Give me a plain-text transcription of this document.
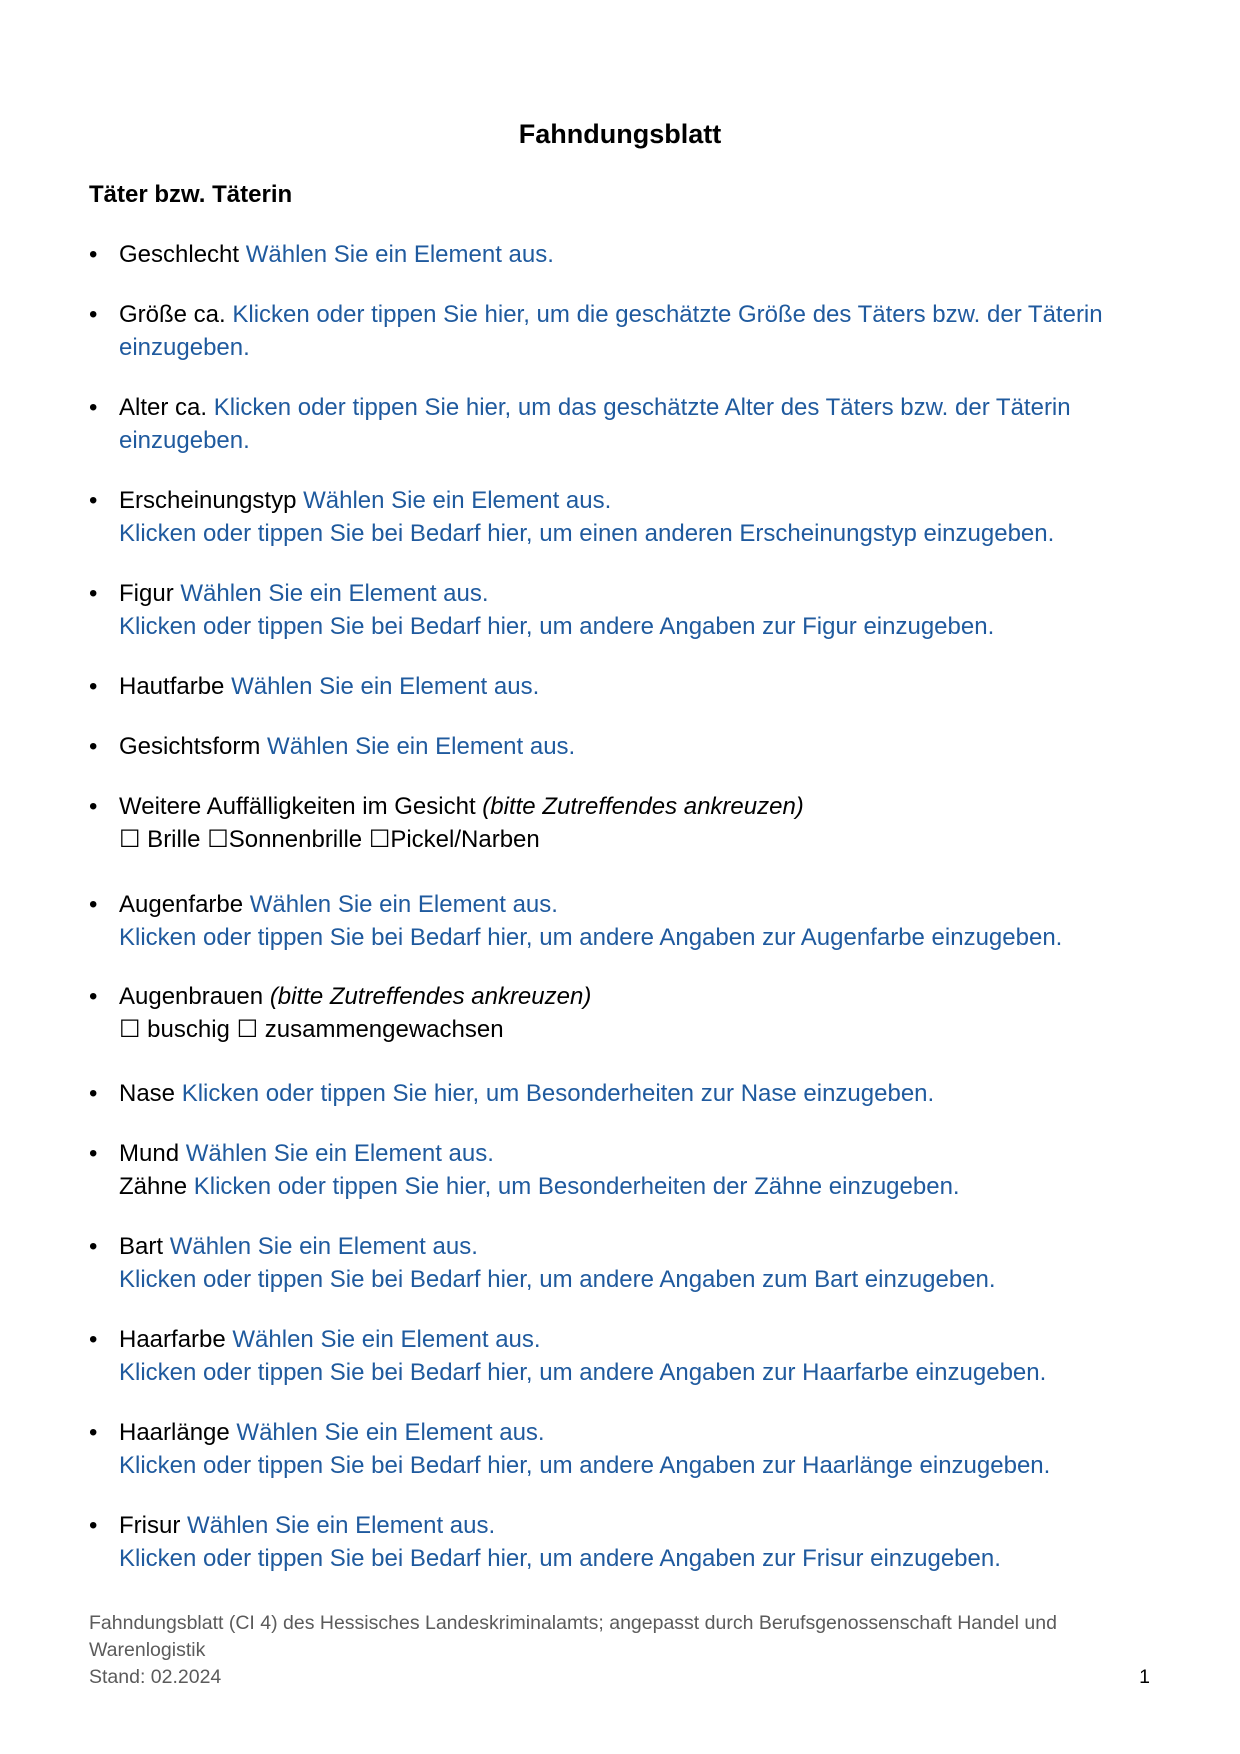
Fahndungsblatt
Täter bzw. Täterin
• Geschlecht Wählen Sie ein Element aus.
• Größe ca. Klicken oder tippen Sie hier, um die geschätzte Größe des Täters bzw. der Täterin einzugeben.
• Alter ca. Klicken oder tippen Sie hier, um das geschätzte Alter des Täters bzw. der Täterin einzugeben.
• Erscheinungstyp Wählen Sie ein Element aus.
Klicken oder tippen Sie bei Bedarf hier, um einen anderen Erscheinungstyp einzugeben.
• Figur Wählen Sie ein Element aus.
Klicken oder tippen Sie bei Bedarf hier, um andere Angaben zur Figur einzugeben.
• Hautfarbe Wählen Sie ein Element aus.
• Gesichtsform Wählen Sie ein Element aus.
• Weitere Auffälligkeiten im Gesicht (bitte Zutreffendes ankreuzen)
☐ Brille ☐Sonnenbrille ☐Pickel/Narben
• Augenfarbe Wählen Sie ein Element aus.
Klicken oder tippen Sie bei Bedarf hier, um andere Angaben zur Augenfarbe einzugeben.
• Augenbrauen (bitte Zutreffendes ankreuzen)
☐ buschig ☐ zusammengewachsen
• Nase Klicken oder tippen Sie hier, um Besonderheiten zur Nase einzugeben.
• Mund Wählen Sie ein Element aus.
Zähne Klicken oder tippen Sie hier, um Besonderheiten der Zähne einzugeben.
• Bart Wählen Sie ein Element aus.
Klicken oder tippen Sie bei Bedarf hier, um andere Angaben zum Bart einzugeben.
• Haarfarbe Wählen Sie ein Element aus.
Klicken oder tippen Sie bei Bedarf hier, um andere Angaben zur Haarfarbe einzugeben.
• Haarlänge Wählen Sie ein Element aus.
Klicken oder tippen Sie bei Bedarf hier, um andere Angaben zur Haarlänge einzugeben.
• Frisur Wählen Sie ein Element aus.
Klicken oder tippen Sie bei Bedarf hier, um andere Angaben zur Frisur einzugeben.
Fahndungsblatt (CI 4) des Hessisches Landeskriminalamts; angepasst durch Berufsgenossenschaft Handel und
Warenlogistik
Stand: 02.2024	1
